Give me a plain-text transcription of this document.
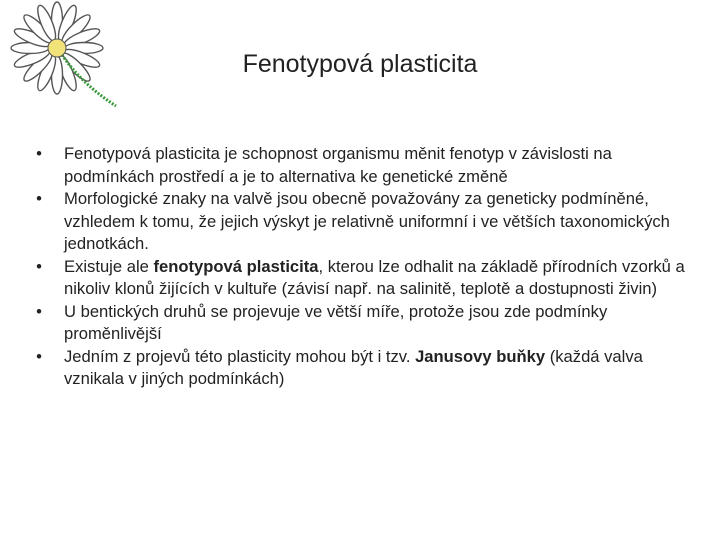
Fenotypová plasticita
• Fenotypová plasticita je schopnost organismu měnit fenotyp v závislosti na podmínkách prostředí a je to alternativa ke genetické změně
• Morfologické znaky na valvě jsou obecně považovány za geneticky podmíněné, vzhledem k tomu, že jejich výskyt je relativně uniformní i ve větších taxonomických jednotkách.
• Existuje ale fenotypová plasticita, kterou lze odhalit na základě přírodních vzorků a nikoliv klonů žijících v kultuře (závisí např. na salinitě, teplotě a dostupnosti živin)
• U bentických druhů se projevuje ve větší míře, protože jsou zde podmínky proměnlivější
• Jedním z projevů této plasticity mohou být i tzv. Janusovy buňky (každá valva vznikala v jiných podmínkách)
